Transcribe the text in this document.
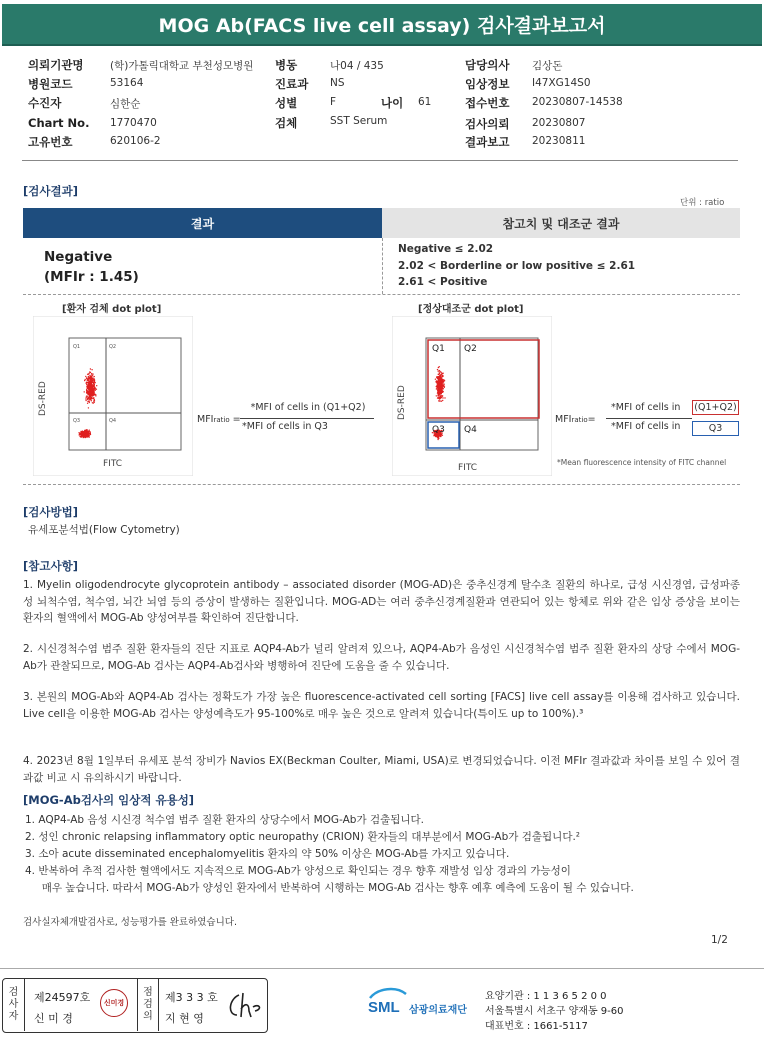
MOG Ab(FACS live cell assay) 검사결과보고서
의뢰기관명	(학)가톨릭대학교 부천성모병원 병동	나04 / 435	담당의사 김상돈
병원코드	53164	진료과 NS	임상정보 I47XG14S0
수진자	심한순	성별	F	나이 61	접수번호 20230807-14538
Chart No. 1770470	검체	SST Serum	검사의뢰 20230807
고유번호	620106-2	결과보고 20230811
[검사결과]
단위 : ratio
결과	참고치 및 대조군 결과
Negative
(MFIr : 1.45)
Negative ≤ 2.02
2.02 < Borderline or low positive ≤ 2.61
2.61 < Positive
[환자 검체 dot plot]	[정상대조군 dot plot]
Q1	Q2
Q3	Q4
DS-RED
FITC
Q1 Q2
Q3 Q4
DS-RED
FITC
MFIratio =
*MFI of cells in (Q1+Q2)
*MFI of cells in Q3
MFIratio=
*MFI of cells in (Q1+Q2)
*MFI of cells in	Q3
*Mean fluorescence intensity of FITC channel
[검사방법]
유세포분석법(Flow Cytometry)
[참고사항]
1. Myelin oligodendrocyte glycoprotein antibody – associated disorder (MOG-AD)은 중추신경계 탈수초 질환의 하나로, 급성 시신경염, 급성파종성 뇌척수염, 척수염, 뇌간 뇌염 등의 증상이 발생하는 질환입니다. MOG-AD는 여러 중추신경계질환과 연관되어 있는 항체로 위와 같은 임상 증상을 보이는 환자의 혈액에서 MOG-Ab 양성여부를 확인하여 진단합니다.
2. 시신경척수염 범주 질환 환자들의 진단 지표로 AQP4-Ab가 널리 알려져 있으나, AQP4-Ab가 음성인 시신경척수염 범주 질환 환자의 상당 수에서 MOG-Ab가 관찰되므로, MOG-Ab 검사는 AQP4-Ab검사와 병행하여 진단에 도움을 줄 수 있습니다.
3. 본원의 MOG-Ab와 AQP4-Ab 검사는 정확도가 가장 높은 fluorescence-activated cell sorting [FACS] live cell assay를 이용해 검사하고 있습니다. Live cell을 이용한 MOG-Ab 검사는 양성예측도가 95-100%로 매우 높은 것으로 알려져 있습니다(특이도 up to 100%).³
4. 2023년 8월 1일부터 유세포 분석 장비가 Navios EX(Beckman Coulter, Miami, USA)로 변경되었습니다. 이전 MFIr 결과값과 차이를 보일 수 있어 결과값 비교 시 유의하시기 바랍니다.
[MOG-Ab검사의 임상적 유용성]
1. AQP4-Ab 음성 시신경 척수염 범주 질환 환자의 상당수에서 MOG-Ab가 검출됩니다.
2. 성인 chronic relapsing inflammatory optic neuropathy (CRION) 환자들의 대부분에서 MOG-Ab가 검출됩니다.²
3. 소아 acute disseminated encephalomyelitis 환자의 약 50% 이상은 MOG-Ab를 가지고 있습니다.
4. 반복하여 추적 검사한 혈액에서도 지속적으로 MOG-Ab가 양성으로 확인되는 경우 향후 재발성 임상 경과의 가능성이
매우 높습니다. 따라서 MOG-Ab가 양성인 환자에서 반복하여 시행하는 MOG-Ab 검사는 향후 예후 예측에 도움이 될 수 있습니다.
검사실자체개발검사로, 성능평가를 완료하였습니다.
1/2
검
사
자
제24597호
신 미 경
신미경
점
검
의
제3 3 3 호
지 현 영
SML 삼광의료재단
요양기관 : 1 1 3 6 5 2 0 0
서울특별시 서초구 양재동 9-60
대표번호 : 1661-5117
